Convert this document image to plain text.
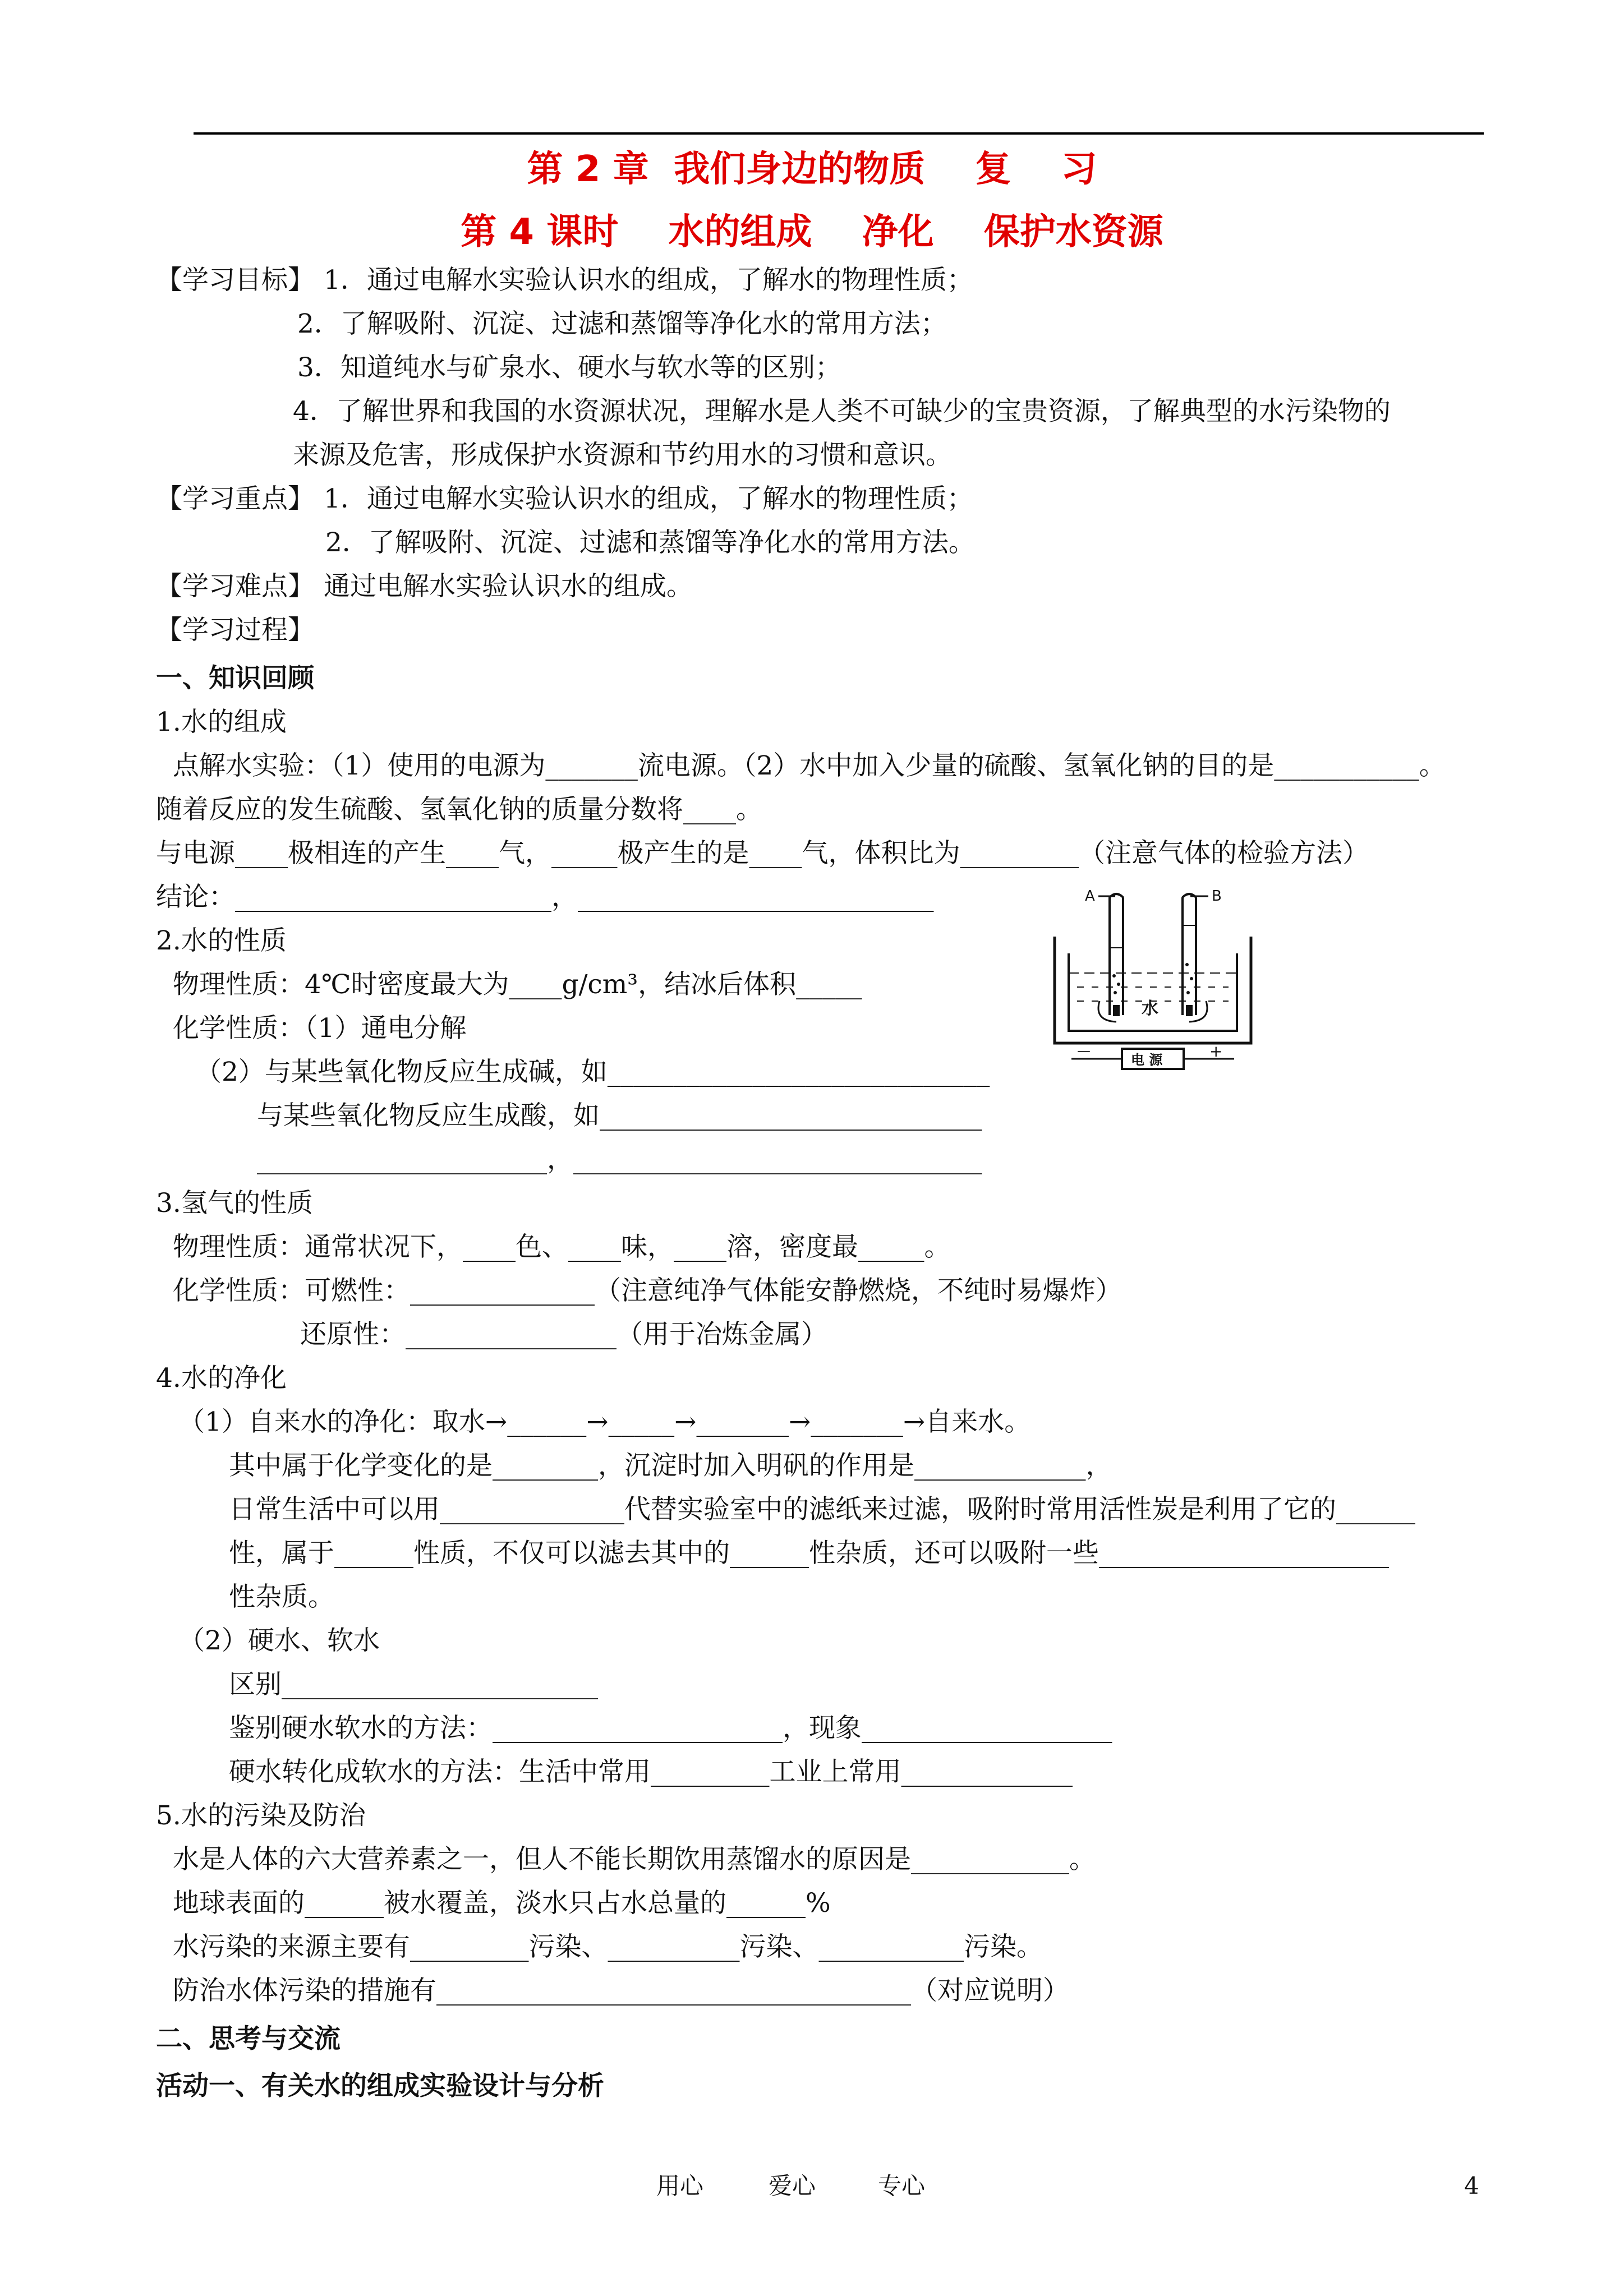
第 2 章  我们身边的物质    复    习
第 4 课时    水的组成    净化    保护水资源
【学习目标】 1．通过电解水实验认识水的组成，了解水的物理性质；
2．了解吸附、沉淀、过滤和蒸馏等净化水的常用方法；
3．知道纯水与矿泉水、硬水与软水等的区别；
4．了解世界和我国的水资源状况，理解水是人类不可缺少的宝贵资源，了解典型的水污染物的
来源及危害，形成保护水资源和节约用水的习惯和意识。
【学习重点】 1．通过电解水实验认识水的组成，了解水的物理性质；
2．了解吸附、沉淀、过滤和蒸馏等净化水的常用方法。
【学习难点】 通过电解水实验认识水的组成。
【学习过程】
一、知识回顾
1.水的组成
点解水实验：（1）使用的电源为_______流电源。（2）水中加入少量的硫酸、氢氧化钠的目的是___________。
随着反应的发生硫酸、氢氧化钠的质量分数将____。
与电源____极相连的产生____气，_____极产生的是____气，体积比为_________（注意气体的检验方法）
结论：________________________，___________________________
2.水的性质
物理性质：4℃时密度最大为____g/cm³，结冰后体积_____
化学性质：（1）通电分解
（2）与某些氧化物反应生成碱，如_____________________________
与某些氧化物反应生成酸，如_____________________________
______________________，_______________________________
A	B
水
电 源
—	+
3.氢气的性质
物理性质：通常状况下，____色、____味，____溶，密度最_____。
化学性质：可燃性：______________（注意纯净气体能安静燃烧，不纯时易爆炸）
还原性：________________（用于冶炼金属）
4.水的净化
（1）自来水的净化：取水→______→_____→_______→_______→自来水。
其中属于化学变化的是________，沉淀时加入明矾的作用是_____________，
日常生活中可以用______________代替实验室中的滤纸来过滤，吸附时常用活性炭是利用了它的______
性，属于______性质，不仅可以滤去其中的______性杂质，还可以吸附一些______________________
性杂质。
（2）硬水、软水
区别________________________
鉴别硬水软水的方法：______________________，现象___________________
硬水转化成软水的方法：生活中常用_________工业上常用_____________
5.水的污染及防治
水是人体的六大营养素之一，但人不能长期饮用蒸馏水的原因是____________。
地球表面的______被水覆盖，淡水只占水总量的______%
水污染的来源主要有_________污染、__________污染、___________污染。
防治水体污染的措施有____________________________________（对应说明）
二、思考与交流
活动一、有关水的组成实验设计与分析
用心	爱心	专心	4
